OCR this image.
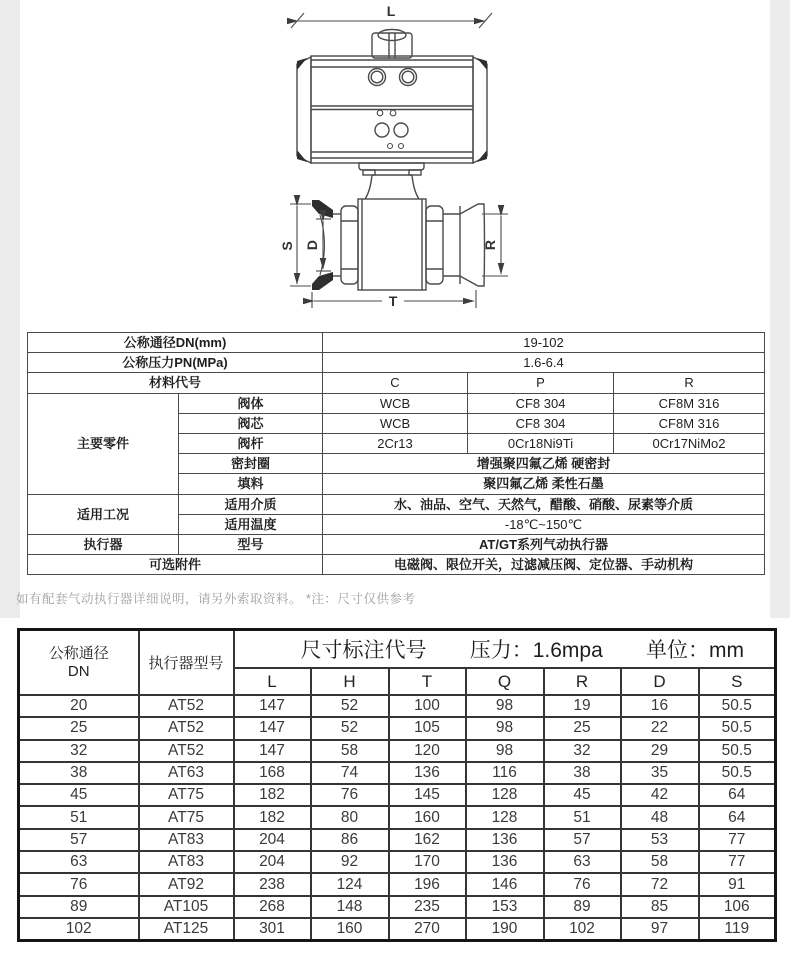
L
S D	R
T
公称通径DN(mm)		19-102		
公称压力PN(MPa)		1.6-6.4		
材料代号		C	P	R
主要零件	阀体	WCB	CF8 304	CF8M 316
	阀芯	WCB	CF8 304	CF8M 316
	阀杆	2Cr13	0Cr18Ni9Ti	0Cr17NiMo2
	密封圈	增强聚四氟乙烯 硬密封		
	填料	聚四氟乙烯 柔性石墨		
适用工况	适用介质	水、油品、空气、天然气，醋酸、硝酸、尿素等介质		
	适用温度	-18℃~150℃		
执行器	型号	AT/GT系列气动执行器		
可选附件		电磁阀、限位开关，过滤减压阀、定位器、手动机构		
如有配套气动执行器详细说明，请另外索取资料。 *注：尺寸仅供参考
公称通径
DN	执行器型号	尺寸标注代号 压力：1.6mpa 单位：mm						

		L	H	T	Q	R	D	S
20	AT52	147	52	100	98	19	16	50.5
25	AT52	147	52	105	98	25	22	50.5
32	AT52	147	58	120	98	32	29	50.5
38	AT63	168	74	136	116	38	35	50.5
45	AT75	182	76	145	128	45	42	64
51	AT75	182	80	160	128	51	48	64
57	AT83	204	86	162	136	57	53	77
63	AT83	204	92	170	136	63	58	77
76	AT92	238	124	196	146	76	72	91
89	AT105	268	148	235	153	89	85	106
102	AT125	301	160	270	190	102	97	119
